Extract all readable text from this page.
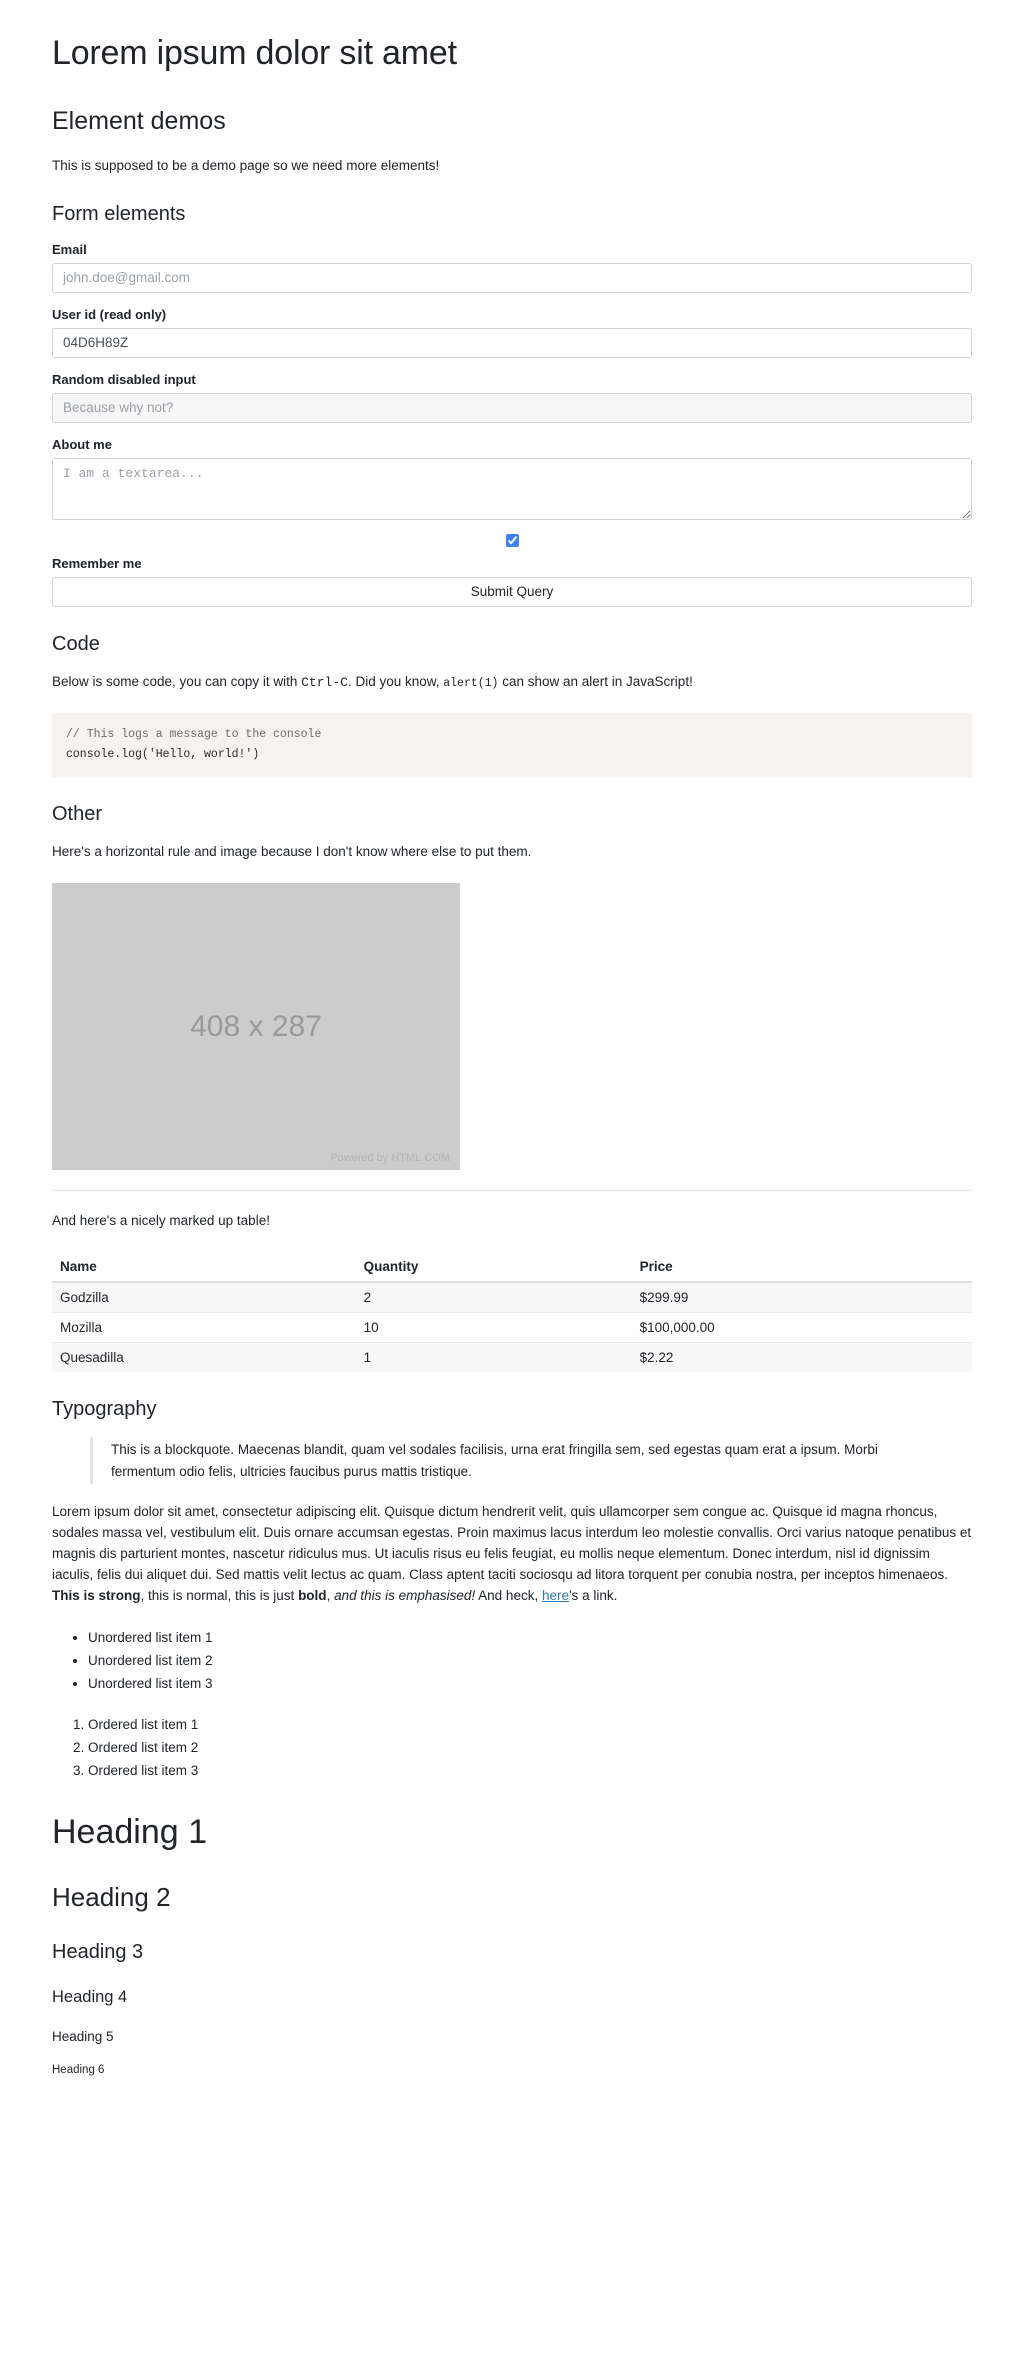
Lorem ipsum dolor sit amet
Element demos

This is supposed to be a demo page so we need more elements!

Form elements
Email
john.doe@gmail.com
User id (read only)
04D6H89Z
Random disabled input
Because why not?
About me
I am a textarea...
Remember me
Submit Query
Code

Below is some code, you can copy it with Ctrl-C. Did you know, alert(1) can show an alert in JavaScript!

// This logs a message to the console
console.log('Hello, world!')
Other

Here's a horizontal rule and image because I don't know where else to put them.

408 x 287
Powered by HTML.COM

And here's a nicely marked up table!

Name	Quantity	Price
Godzilla	2	$299.99
Mozilla	10	$100,000.00
Quesadilla	1	$2.22
Typography
This is a blockquote. Maecenas blandit, quam vel sodales facilisis, urna erat fringilla sem, sed egestas quam erat a ipsum. Morbi fermentum odio felis, ultricies faucibus purus mattis tristique.

Lorem ipsum dolor sit amet, consectetur adipiscing elit. Quisque dictum hendrerit velit, quis ullamcorper sem congue ac. Quisque id magna rhoncus, sodales massa vel, vestibulum elit. Duis ornare accumsan egestas. Proin maximus lacus interdum leo molestie convallis. Orci varius natoque penatibus et magnis dis parturient montes, nascetur ridiculus mus. Ut iaculis risus eu felis feugiat, eu mollis neque elementum. Donec interdum, nisl id dignissim iaculis, felis dui aliquet dui. Sed mattis velit lectus ac quam. Class aptent taciti sociosqu ad litora torquent per conubia nostra, per inceptos himenaeos. This is strong, this is normal, this is just bold, and this is emphasised! And heck, here's a link.

• Unordered list item 1
• Unordered list item 2
• Unordered list item 3
1. Ordered list item 1
2. Ordered list item 2
3. Ordered list item 3
Heading 1
Heading 2
Heading 3
Heading 4
Heading 5
Heading 6
